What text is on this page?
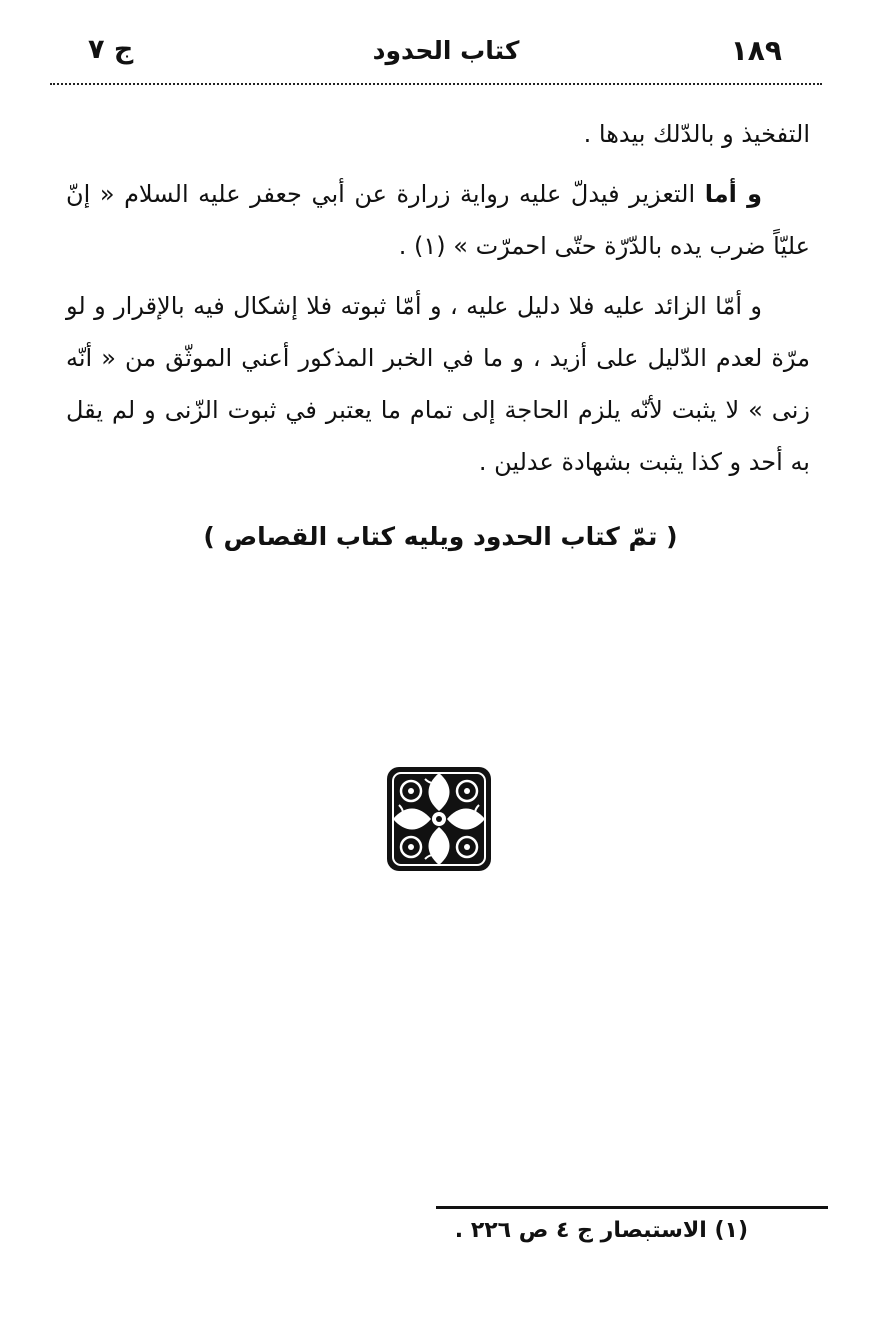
١٨٩
كتاب الحدود
ج ٧

التفخيذ و بالدّلك بيدها .

و أما التعزير فيدلّ عليه رواية زرارة عن أبي جعفر عليه السلام « إنّ عليّاً ضرب يده بالدّرّة حتّى احمرّت » (١) .

و أمّا الزائد عليه فلا دليل عليه ، و أمّا ثبوته فلا إشكال فيه بالإقرار و لو مرّة لعدم الدّليل على أزيد ، و ما في الخبر المذكور أعني الموثّق من « أنّه زنى » لا يثبت لأنّه يلزم الحاجة إلى تمام ما يعتبر في ثبوت الزّنى و لم يقل به أحد و كذا يثبت بشهادة عدلين .

( تمّ كتاب الحدود ويليه كتاب القصاص )
(١) الاستبصار ج ٤ ص ٢٢٦ .
